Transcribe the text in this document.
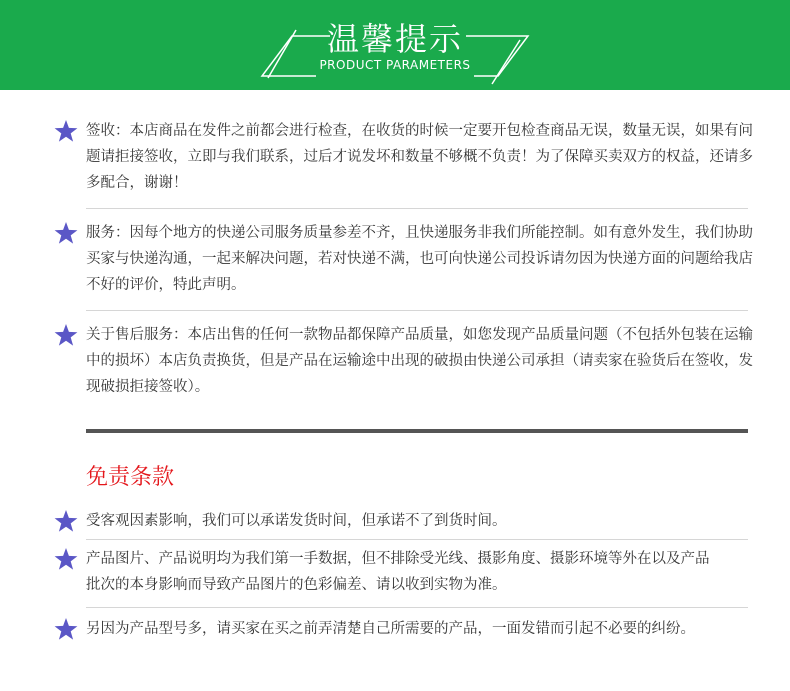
温馨提示
PRODUCT PARAMETERS
签收：本店商品在发件之前都会进行检查，在收货的时候一定要开包检查商品无误，数量无误，如果有问题请拒接签收，立即与我们联系，过后才说发坏和数量不够概不负责！为了保障买卖双方的权益，还请多多配合，谢谢！
服务：因每个地方的快递公司服务质量参差不齐，且快递服务非我们所能控制。如有意外发生，我们协助买家与快递沟通，一起来解决问题，若对快递不满，也可向快递公司投诉请勿因为快递方面的问题给我店不好的评价，特此声明。
关于售后服务：本店出售的任何一款物品都保障产品质量，如您发现产品质量问题（不包括外包装在运输中的损坏）本店负责换货，但是产品在运输途中出现的破损由快递公司承担（请卖家在验货后在签收，发现破损拒接签收）。
免责条款
受客观因素影响，我们可以承诺发货时间，但承诺不了到货时间。
产品图片、产品说明均为我们第一手数据，但不排除受光线、摄影角度、摄影环境等外在以及产品批次的本身影响而导致产品图片的色彩偏差、请以收到实物为准。
另因为产品型号多，请买家在买之前弄清楚自己所需要的产品，一面发错而引起不必要的纠纷。
